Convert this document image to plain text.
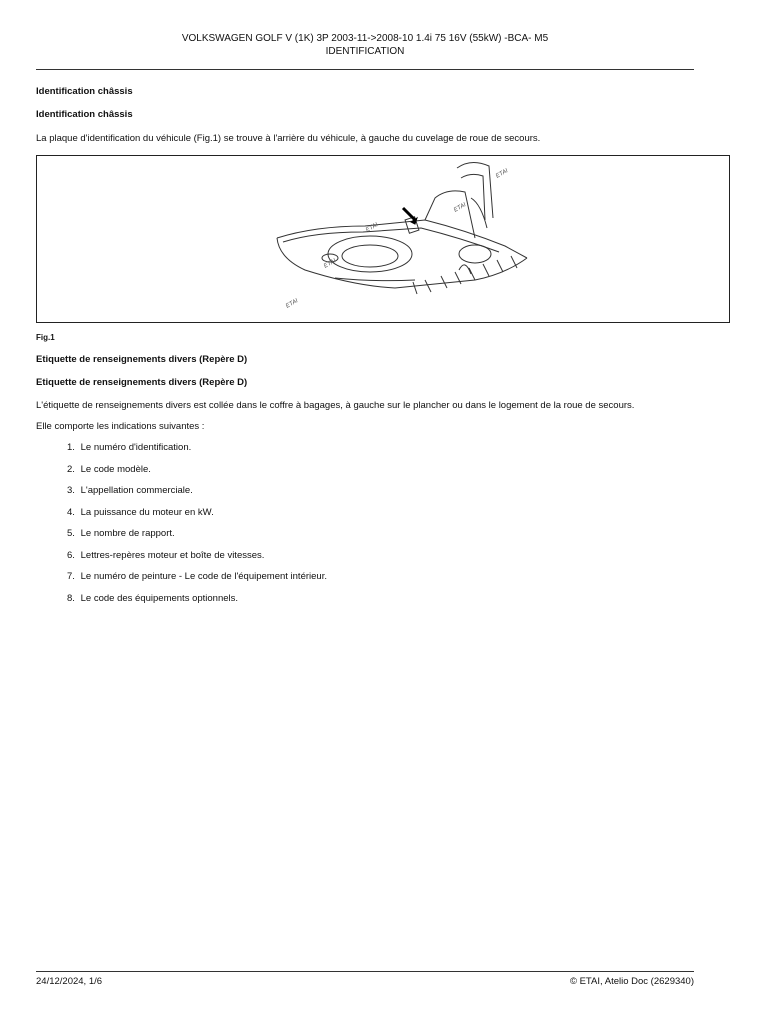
VOLKSWAGEN GOLF V (1K) 3P 2003-11->2008-10 1.4i 75 16V (55kW) -BCA- M5
IDENTIFICATION
Identification châssis
Identification châssis
La plaque d'identification du véhicule (Fig.1) se trouve à l'arrière du véhicule, à gauche du cuvelage de roue de secours.
ETAI
ETAI
ETAI
ETAI
ETAI
Fig.1
Etiquette de renseignements divers (Repère D)
Etiquette de renseignements divers (Repère D)
L'étiquette de renseignements divers est collée dans le coffre à bagages, à gauche sur le plancher ou dans le logement de la roue de secours.
Elle comporte les indications suivantes :
1. Le numéro d'identification.
2. Le code modèle.
3. L'appellation commerciale.
4. La puissance du moteur en kW.
5. Le nombre de rapport.
6. Lettres-repères moteur et boîte de vitesses.
7. Le numéro de peinture - Le code de l'équipement intérieur.
8. Le code des équipements optionnels.
24/12/2024, 1/6	© ETAI, Atelio Doc (2629340)
